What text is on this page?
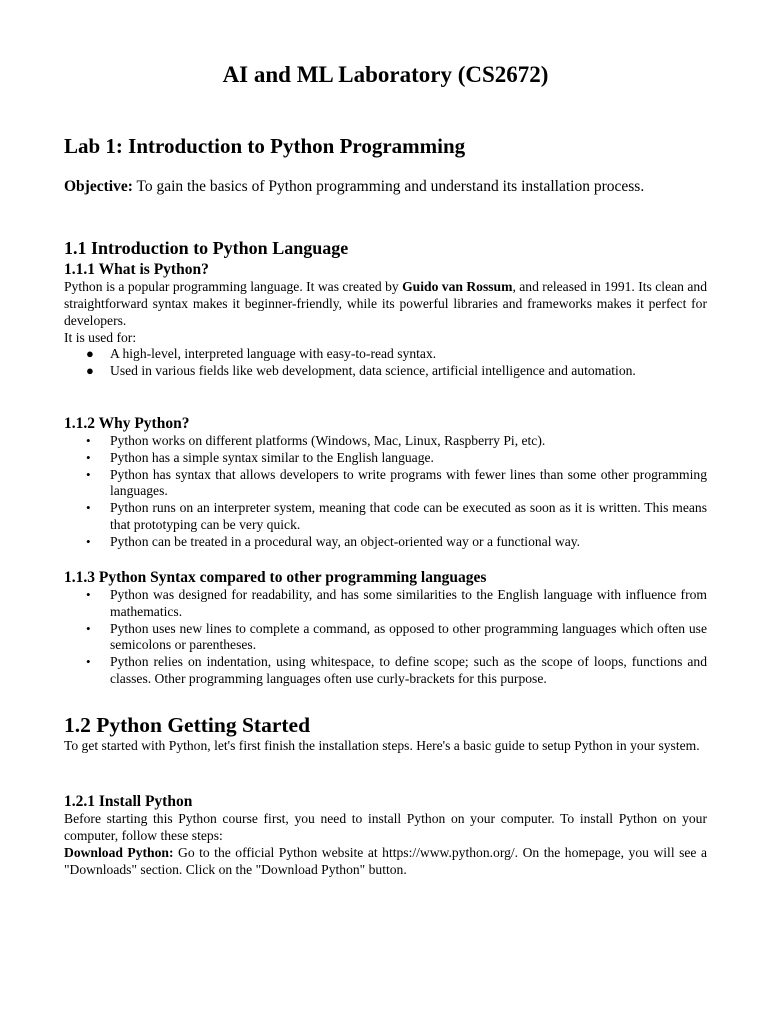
AI and ML Laboratory (CS2672)
Lab 1: Introduction to Python Programming

Objective: To gain the basics of Python programming and understand its installation process.

1.1 Introduction to Python Language
1.1.1 What is Python?

Python is a popular programming language. It was created by Guido van Rossum, and released in 1991. Its clean and straightforward syntax makes it beginner-friendly, while its powerful libraries and frameworks makes it perfect for developers.
It is used for:

● A high-level, interpreted language with easy-to-read syntax.
● Used in various fields like web development, data science, artificial intelligence and automation.
1.1.2 Why Python?
• Python works on different platforms (Windows, Mac, Linux, Raspberry Pi, etc).
• Python has a simple syntax similar to the English language.
• Python has syntax that allows developers to write programs with fewer lines than some other programming languages.
• Python runs on an interpreter system, meaning that code can be executed as soon as it is written. This means that prototyping can be very quick.
• Python can be treated in a procedural way, an object-oriented way or a functional way.
1.1.3 Python Syntax compared to other programming languages
• Python was designed for readability, and has some similarities to the English language with influence from mathematics.
• Python uses new lines to complete a command, as opposed to other programming languages which often use semicolons or parentheses.
• Python relies on indentation, using whitespace, to define scope; such as the scope of loops, functions and classes. Other programming languages often use curly-brackets for this purpose.
1.2 Python Getting Started

To get started with Python, let's first finish the installation steps. Here's a basic guide to setup Python in your system.

1.2.1 Install Python

Before starting this Python course first, you need to install Python on your computer. To install Python on your computer, follow these steps:
Download Python: Go to the official Python website at https://www.python.org/. On the homepage, you will see a "Downloads" section. Click on the "Download Python" button.
